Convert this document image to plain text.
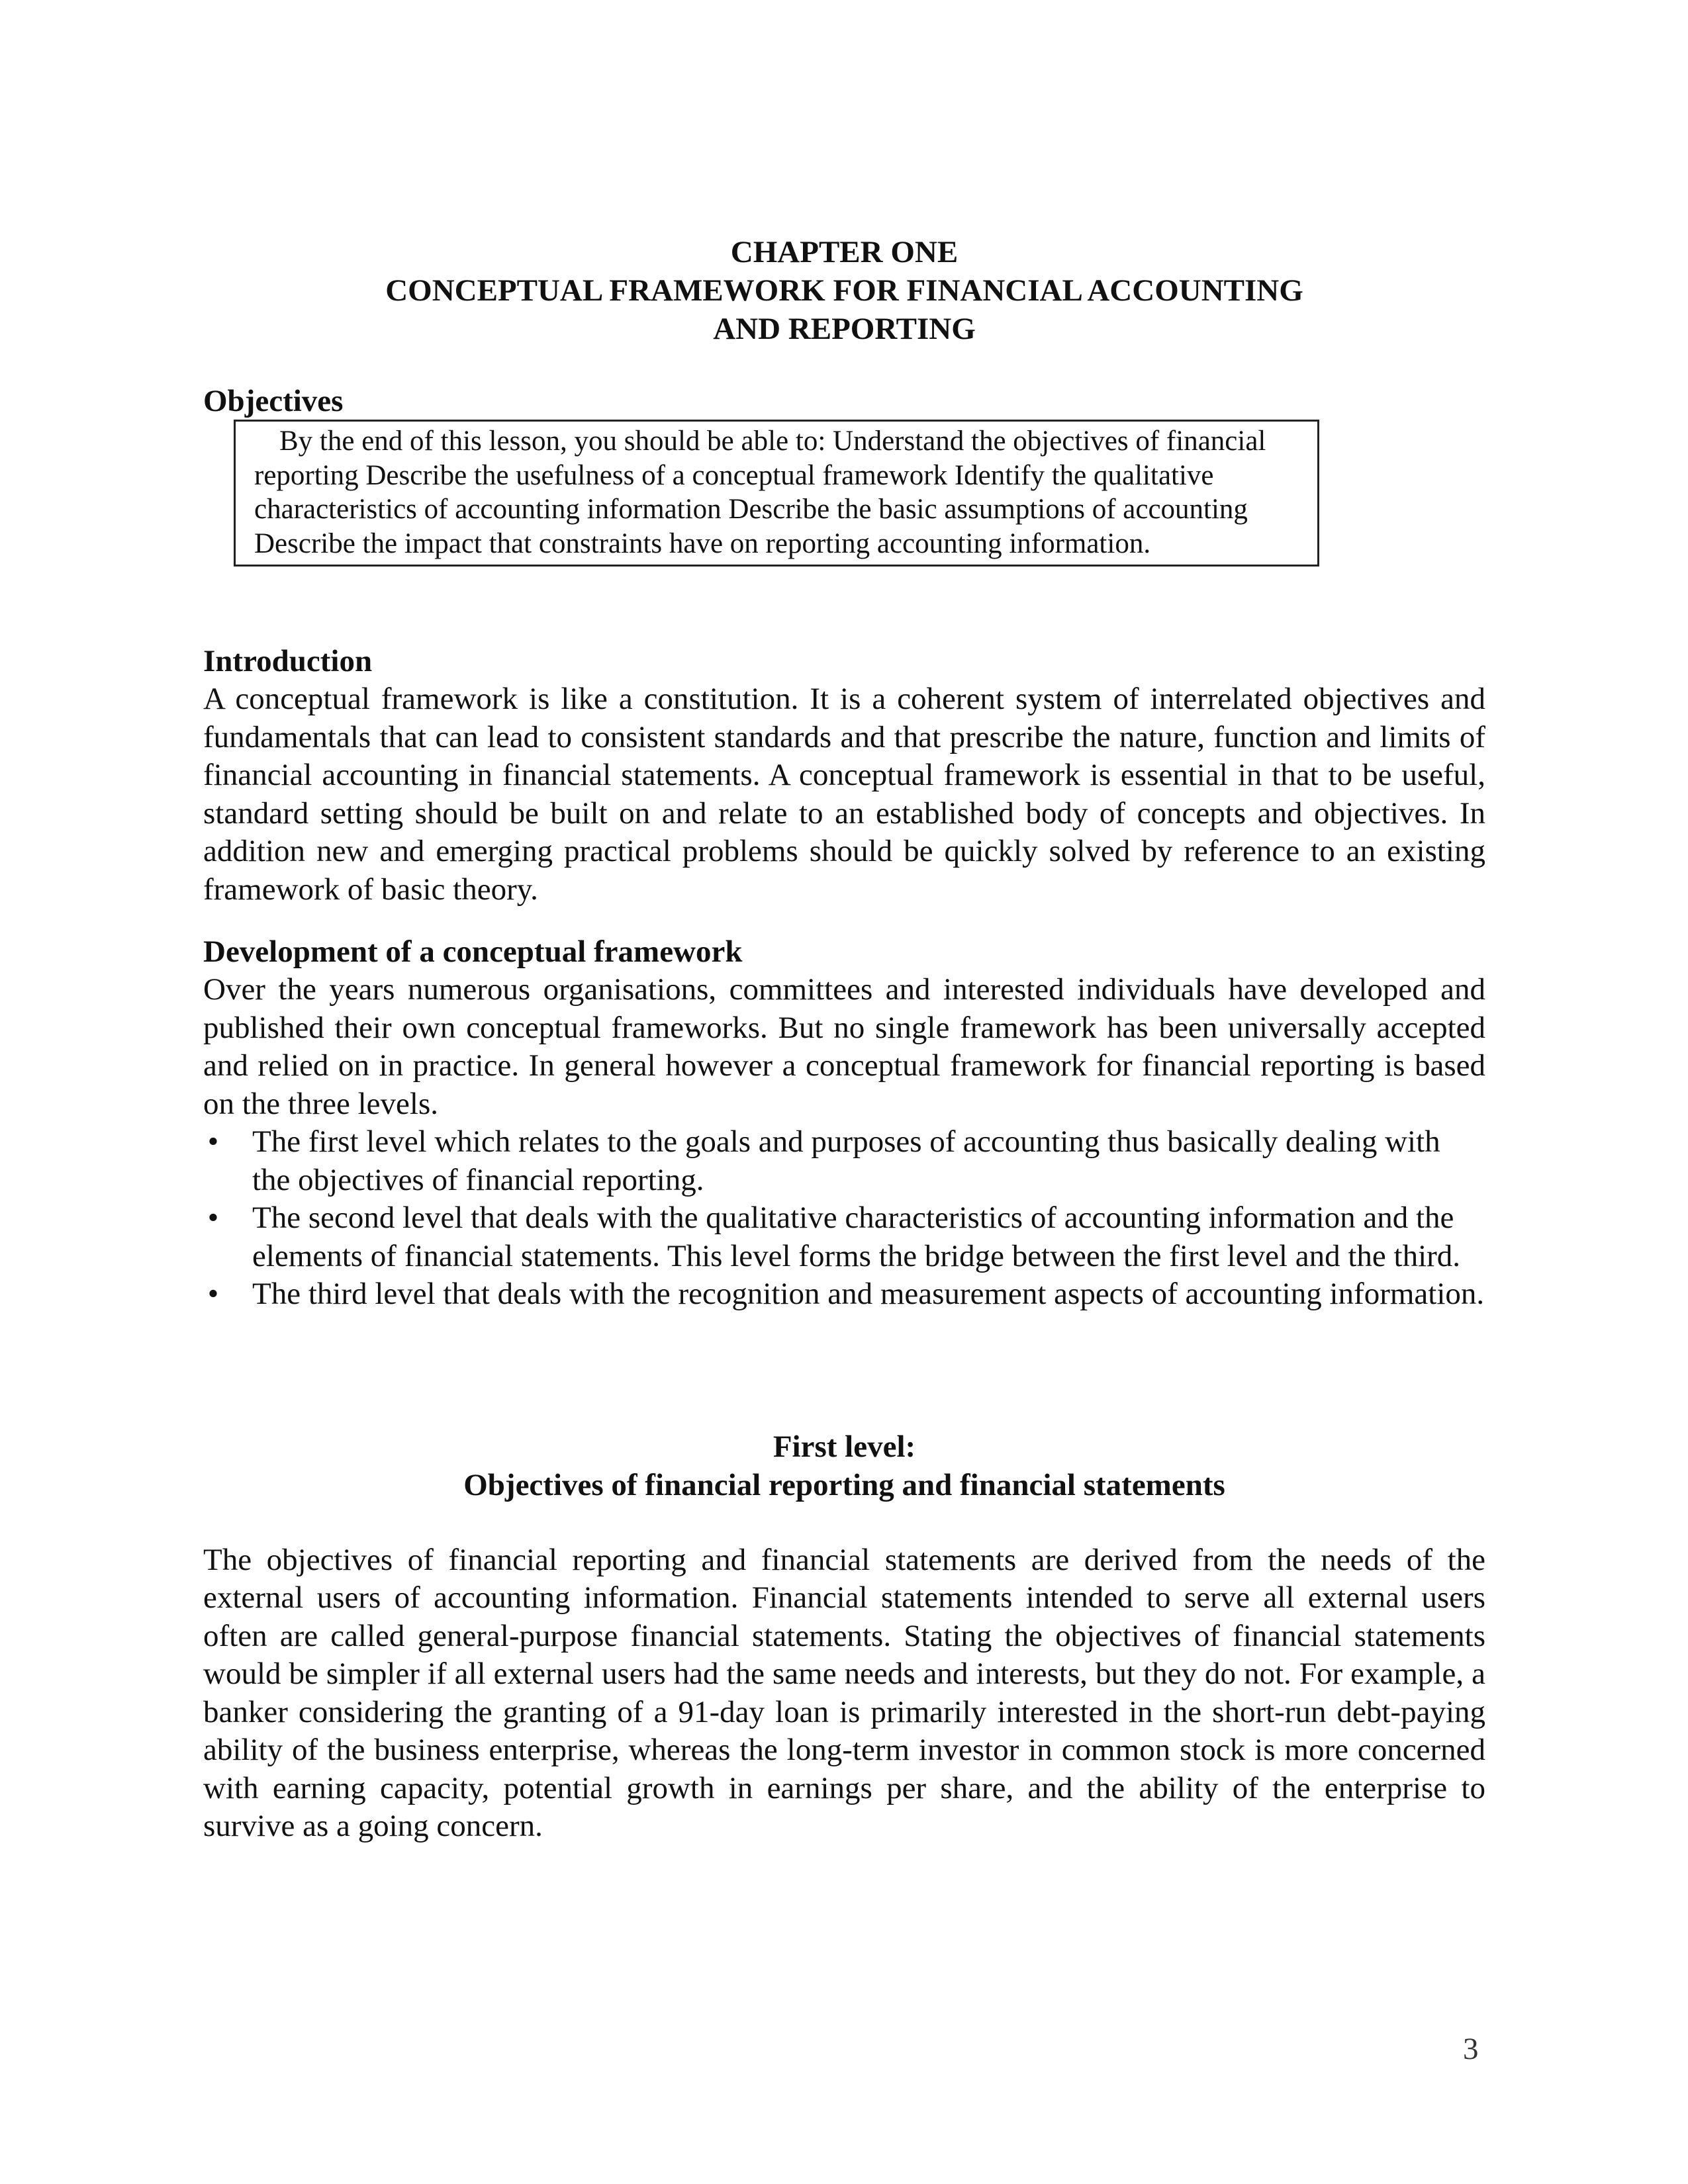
CHAPTER ONE

CONCEPTUAL FRAMEWORK FOR FINANCIAL ACCOUNTING

AND REPORTING

Objectives

By the end of this lesson, you should be able to: Understand the objectives of financial reporting Describe the usefulness of a conceptual framework Identify the qualitative characteristics of accounting information Describe the basic assumptions of accounting Describe the impact that constraints have on reporting accounting information.

Introduction

A conceptual framework is like a constitution. It is a coherent system of interrelated objectives and fundamentals that can lead to consistent standards and that prescribe the nature, function and limits of financial accounting in financial statements. A conceptual framework is essential in that to be useful, standard setting should be built on and relate to an established body of concepts and objectives. In addition new and emerging practical problems should be quickly solved by reference to an existing framework of basic theory.

Development of a conceptual framework

Over the years numerous organisations, committees and interested individuals have developed and published their own conceptual frameworks. But no single framework has been universally accepted and relied on in practice. In general however a conceptual framework for financial reporting is based on the three levels.

• The first level which relates to the goals and purposes of accounting thus basically dealing with the objectives of financial reporting.
• The second level that deals with the qualitative characteristics of accounting information and the elements of financial statements. This level forms the bridge between the first level and the third.
• The third level that deals with the recognition and measurement aspects of accounting information.

First level:

Objectives of financial reporting and financial statements

The objectives of financial reporting and financial statements are derived from the needs of the external users of accounting information. Financial statements intended to serve all external users often are called general-purpose financial statements. Stating the objectives of financial statements would be simpler if all external users had the same needs and interests, but they do not. For example, a banker considering the granting of a 91-day loan is primarily interested in the short-run debt-paying ability of the business enterprise, whereas the long-term investor in common stock is more concerned with earning capacity, potential growth in earnings per share, and the ability of the enterprise to survive as a going concern.

3
